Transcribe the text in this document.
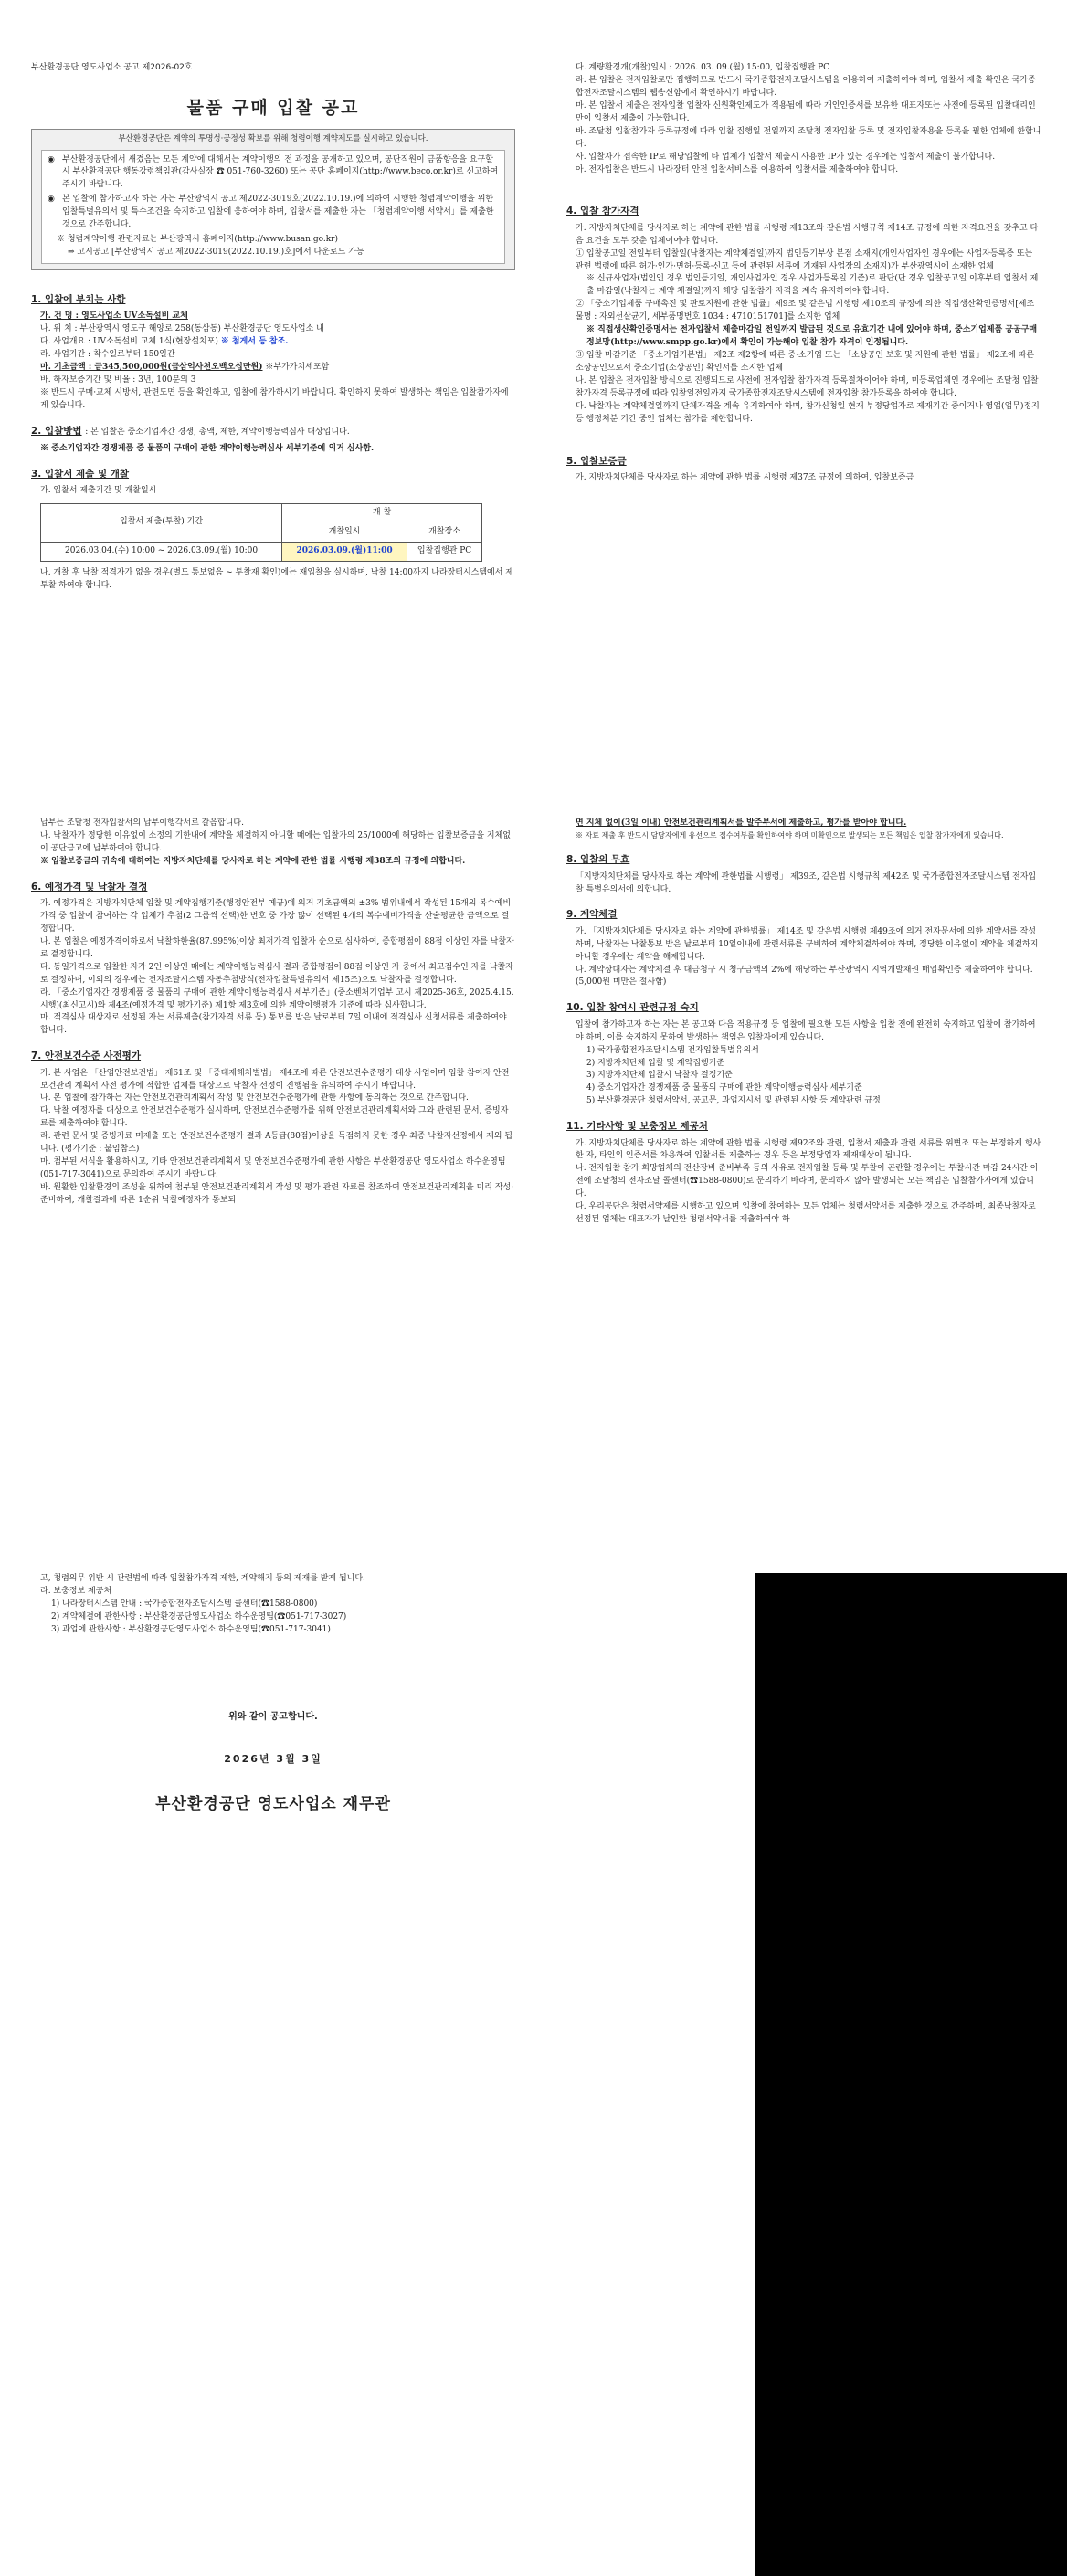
부산환경공단 영도사업소 공고 제2026-02호
물품 구매 입찰 공고
부산환경공단은 계약의 투명성·공정성 확보를 위해 청렴이행 계약제도를 실시하고 있습니다.
◉ 부산환경공단에서 새겼음는 모든 계약에 대해서는 계약이행의 전 과정을 공개하고 있으며, 공단직원이 금품향응을 요구할 시 부산환경공단 행동강령책임관(감사실장 ☎ 051-760-3260) 또는 공단 홈페이지(http://www.beco.or.kr)로 신고하여 주시기 바랍니다.
◉ 본 입찰에 참가하고자 하는 자는 부산광역시 공고 제2022-3019호(2022.10.19.)에 의하여 시행한 청렴계약이행을 위한 입찰특별유의서 및 특수조건을 숙지하고 입찰에 응하여야 하며, 입찰서를 제출한 자는 「청렴계약이행 서약서」를 제출한 것으로 간주합니다.
※ 청렴계약이행 관련자료는 부산광역시 홈페이지(http://www.busan.go.kr)
⇒ 고시공고 [부산광역시 공고 제2022-3019(2022.10.19.)호]에서 다운로드 가능
1. 입찰에 부치는 사항
가. 건 명 : 영도사업소 UV소독설비 교체
나. 위 치 : 부산광역시 영도구 해양로 258(동삼동) 부산환경공단 영도사업소 내
다. 사업개요 : UV소독설비 교체 1식(현장설치포) ※ 첨게서 등 참조.
라. 사업기간 : 착수일로부터 150일간
마. 기초금액 : 금345,500,000원(금삼억사천오백오십만원) ※부가가치세포함
바. 하자보증기간 및 비율 : 3년, 100분의 3
※ 반드시 구매·교체 시방서, 관련도면 등을 확인하고, 입찰에 참가하시기 바랍니다. 확인하지 못하여 발생하는 책임은 입찰참가자에게 있습니다.
2. 입찰방법 : 본 입찰은 중소기업자간 경쟁, 총액, 제한, 계약이행능력심사 대상입니다.
※ 중소기업자간 경쟁제품 중 물품의 구매에 관한 계약이행능력심사 세부기준에 의거 심사함.
3. 입찰서 제출 및 개찰
가. 입찰서 제출기간 및 개찰일시
입찰서 제출(투찰) 기간	개 찰	
	개찰일시	개찰장소
2026.03.04.(수) 10:00 ~ 2026.03.09.(월) 10:00	2026.03.09.(월)11:00	입찰집행관 PC
나. 개찰 후 낙찰 적격자가 없을 경우(별도 통보없음 ~ 투찰재 확인)에는 재입찰을 실시하며, 낙찰 14:00까지 나라장터시스템에서 제투찰 하여야 합니다.
다. 계량환경개(개찰)일시 : 2026. 03. 09.(월) 15:00, 입찰집행관 PC
라. 본 입찰은 전자입찰로만 집행하므로 반드시 국가종합전자조달시스템을 이용하여 제출하여야 하며, 입찰서 제출 확인은 국가종합전자조달시스템의 웹송신함에서 확인하시기 바랍니다.
마. 본 입찰서 제출은 전자입찰 입찰자 신원확인제도가 적용됨에 따라 개인인증서를 보유한 대표자또는 사전에 등록된 입찰대리인만이 입찰서 제출이 가능합니다.
바. 조달청 입찰참가자 등록규정에 따라 입찰 집행일 전일까지 조달청 전자입찰 등록 및 전자입찰자용을 등록을 필한 업체에 한합니다.
사. 입찰자가 접속한 IP로 해당입찰에 타 업체가 입찰서 제출시 사용한 IP가 있는 경우에는 입찰서 제출이 불가합니다.
아. 전자입찰은 반드시 나라장터 안전 입찰서비스를 이용하여 입찰서를 제출하여야 합니다.
4. 입찰 참가자격
가. 지방자치단체를 당사자로 하는 계약에 관한 법률 시행령 제13조와 같은법 시행규칙 제14조 규정에 의한 자격요건을 갖추고 다음 요건을 모두 갖춘 업체이어야 합니다.
① 입찰공고일 전일부터 입찰일(낙찰자는 계약체결일)까지 법인등기부상 본점 소재지(개인사업자인 경우에는 사업자등록증 또는 관련 법령에 따른 허가·인가·면허·등록·신고 등에 관련된 서류에 기재된 사업장의 소재지)가 부산광역시에 소재한 업체
※ 신규사업자(법인인 경우 법인등기일, 개인사업자인 경우 사업자등록일 기준)로 판단(단 경우 입찰공고일 이후부터 입찰서 제출 마감일(낙찰자는 계약 체결일)까지 해당 입찰참가 자격을 계속 유지하여야 합니다.
② 「중소기업제품 구매촉진 및 판로지원에 관한 법률」제9조 및 같은법 시행령 제10조의 규정에 의한 직접생산확인증명서[제조물명 : 자외선살균기, 세부품명번호 1034 : 4710151701]를 소지한 업체
※ 직접생산확인증명서는 전자입찰서 제출마감일 전일까지 발급된 것으로 유효기간 내에 있어야 하며, 중소기업제품 공공구매정보망(http://www.smpp.go.kr)에서 확인이 가능해야 입찰 참가 자격이 인정됩니다.
③ 입찰 마감기준 「중소기업기본법」 제2조 제2항에 따른 중·소기업 또는 「소상공인 보호 및 지원에 관한 법률」 제2조에 따른 소상공인으로서 중소기업(소상공인) 확인서를 소지한 업체
나. 본 입찰은 전자입찰 방식으로 진행되므로 사전에 전자입찰 참가자격 등록절차이어야 하며, 미등록업체인 경우에는 조달청 입찰참가자격 등록규정에 따라 입찰일전일까지 국가종합전자조달시스템에 전자입찰 참가등록을 하여야 합니다.
다. 낙찰자는 계약체결일까지 단체자격을 계속 유지하여야 하며, 참가신청일 현재 부정당업자로 제재기간 중이거나 영업(업무)정지 등 행정처분 기간 중인 업체는 참가를 제한합니다.
5. 입찰보증금
가. 지방자치단체를 당사자로 하는 계약에 관한 법률 시행령 제37조 규정에 의하여, 입찰보증금
납부는 조달청 전자입찰서의 납부이행각서로 갈음합니다.
나. 낙찰자가 정당한 이유없이 소정의 기한내에 계약을 체결하지 아니할 때에는 입찰가의 25/1000에 해당하는 입찰보증금을 지체없이 공단금고에 납부하여야 합니다.
※ 입찰보증금의 귀속에 대하여는 지방자치단체를 당사자로 하는 계약에 관한 법률 시행령 제38조의 규정에 의합니다.
6. 예정가격 및 낙찰자 결정
가. 예정가격은 지방자치단체 입찰 및 계약집행기준(행정안전부 예규)에 의거 기초금액의 ±3% 범위내에서 작성된 15개의 복수예비가격 중 입찰에 참여하는 각 업체가 추첨(2 그룹씩 선택)한 번호 중 가장 많이 선택된 4개의 복수예비가격을 산술평균한 금액으로 결정합니다.
나. 본 입찰은 예정가격이하로서 낙찰하한율(87.995%)이상 최저가격 입찰자 순으로 심사하여, 종합평점이 88점 이상인 자를 낙찰자로 결정합니다.
다. 동일가격으로 입찰한 자가 2인 이상인 때에는 계약이행능력심사 결과 종합평점이 88점 이상인 자 중에서 최고점수인 자를 낙찰자로 결정하며, 이외의 경우에는 전자조달시스템 자동추첨방식(전자입찰특별유의서 제15조)으로 낙찰자를 결정합니다.
라. 「중소기업자간 경쟁제품 중 물품의 구매에 관한 계약이행능력심사 세부기준」(중소벤처기업부 고시 제2025-36호, 2025.4.15.시행)(최신고시)와 제4조(예정가격 및 평가기준) 제1항 제3호에 의한 계약이행평가 기준에 따라 심사합니다.
마. 적격심사 대상자로 선정된 자는 서류제출(참가자격 서류 등) 통보를 받은 날로부터 7일 이내에 적격심사 신청서류를 제출하여야 합니다.
7. 안전보건수준 사전평가
가. 본 사업은 「산업안전보건법」 제61조 및 「중대재해처벌법」 제4조에 따른 안전보건수준평가 대상 사업이며 입찰 참여자 안전보건관리 계획서 사전 평가에 적합한 업체를 대상으로 낙찰자 선정이 진행됨을 유의하여 주시기 바랍니다.
나. 본 입찰에 참가하는 자는 안전보건관리계획서 작성 및 안전보건수준평가에 관한 사항에 동의하는 것으로 간주합니다.
다. 낙찰 예정자를 대상으로 안전보건수준평가 실시하며, 안전보건수준평가를 위해 안전보건관리계획서와 그와 관련된 문서, 증빙자료를 제출하여야 합니다.
라. 관련 문서 및 증빙자료 미제출 또는 안전보건수준평가 결과 A등급(80점)이상을 득점하지 못한 경우 최종 낙찰자선정에서 제외 됩니다. (평가기준 : 붙임참조)
마. 첨부된 서식을 활용하시고, 기타 안전보건관리계획서 및 안전보건수준평가에 관한 사항은 부산환경공단 영도사업소 하수운영팀(051-717-3041)으로 문의하여 주시기 바랍니다.
바. 원활한 입찰환경의 조성을 위하여 첨부된 안전보건관리계획서 작성 및 평가 관련 자료를 참조하여 안전보건관리계획을 미리 작성·준비하여, 개찰결과에 따른 1순위 낙찰예정자가 통보되
면 지체 없이(3일 이내) 안전보건관리계획서를 발주부서에 제출하고, 평가를 받아야 합니다.
※ 자료 제출 후 반드시 담당자에게 유선으로 접수여부를 확인하여야 하며 미확인으로 발생되는 모든 책임은 입찰 참가자에게 있습니다.
8. 입찰의 무효
「지방자치단체를 당사자로 하는 계약에 관한법률 시행령」 제39조, 같은법 시행규칙 제42조 및 국가종합전자조달시스템 전자입찰 특별유의서에 의합니다.
9. 계약체결
가. 「지방자치단체를 당사자로 하는 계약에 관한법률」 제14조 및 같은법 시행령 제49조에 의거 전자문서에 의한 계약서를 작성하며, 낙찰자는 낙찰통보 받은 날로부터 10일이내에 관련서류를 구비하여 계약체결하여야 하며, 정당한 이유없이 계약을 체결하지 아니할 경우에는 계약을 해제합니다.
나. 계약상대자는 계약체결 후 대금청구 시 청구금액의 2%에 해당하는 부산광역시 지역개발채권 매입확인증 제출하여야 합니다.(5,000원 미만은 절사함)
10. 입찰 참여시 관련규정 숙지
입찰에 참가하고자 하는 자는 본 공고와 다음 적용규정 등 입찰에 필요한 모든 사항을 입찰 전에 완전히 숙지하고 입찰에 참가하여야 하며, 이를 숙지하지 못하여 발생하는 책임은 입찰자에게 있습니다.
1) 국가종합전자조달시스템 전자입찰특별유의서
2) 지방자치단체 입찰 및 계약집행기준
3) 지방자치단체 입찰시 낙찰자 결정기준
4) 중소기업자간 경쟁제품 중 물품의 구매에 관한 계약이행능력심사 세부기준
5) 부산환경공단 청렴서약서, 공고문, 과업지시서 및 관련된 사항 등 계약관련 규정
11. 기타사항 및 보충정보 제공처
가. 지방자치단체를 당사자로 하는 계약에 관한 법률 시행령 제92조와 관련, 입찰서 제출과 관련 서류를 위변조 또는 부정하게 행사한 자, 타인의 인증서를 차용하여 입찰서를 제출하는 경우 등은 부정당업자 제재대상이 됩니다.
나. 전자입찰 참가 희망업체의 전산장비 준비부족 등의 사유로 전자입찰 등록 및 투찰이 곤란할 경우에는 투찰시간 마감 24시간 이전에 조달청의 전자조달 콜센터(☎1588-0800)로 문의하기 바라며, 문의하지 않아 발생되는 모든 책임은 입찰참가자에게 있습니다.
다. 우리공단은 청렴서약제를 시행하고 있으며 입찰에 참여하는 모든 업체는 청렴서약서를 제출한 것으로 간주하며, 최종낙찰자로 선정된 업체는 대표자가 날인한 청렴서약서를 제출하여야 하
고, 청렴의무 위반 시 관련법에 따라 입찰참가자격 제한, 계약해지 등의 제재를 받게 됩니다.
라. 보충정보 제공처
1) 나라장터시스템 안내 : 국가종합전자조달시스템 콜센터(☎1588-0800)
2) 계약체결에 관한사항 : 부산환경공단영도사업소 하수운영팀(☎051-717-3027)
3) 과업에 관한사항 : 부산환경공단영도사업소 하수운영팀(☎051-717-3041)
위와 같이 공고합니다.
2026년 3월 3일
부산환경공단 영도사업소 재무관
